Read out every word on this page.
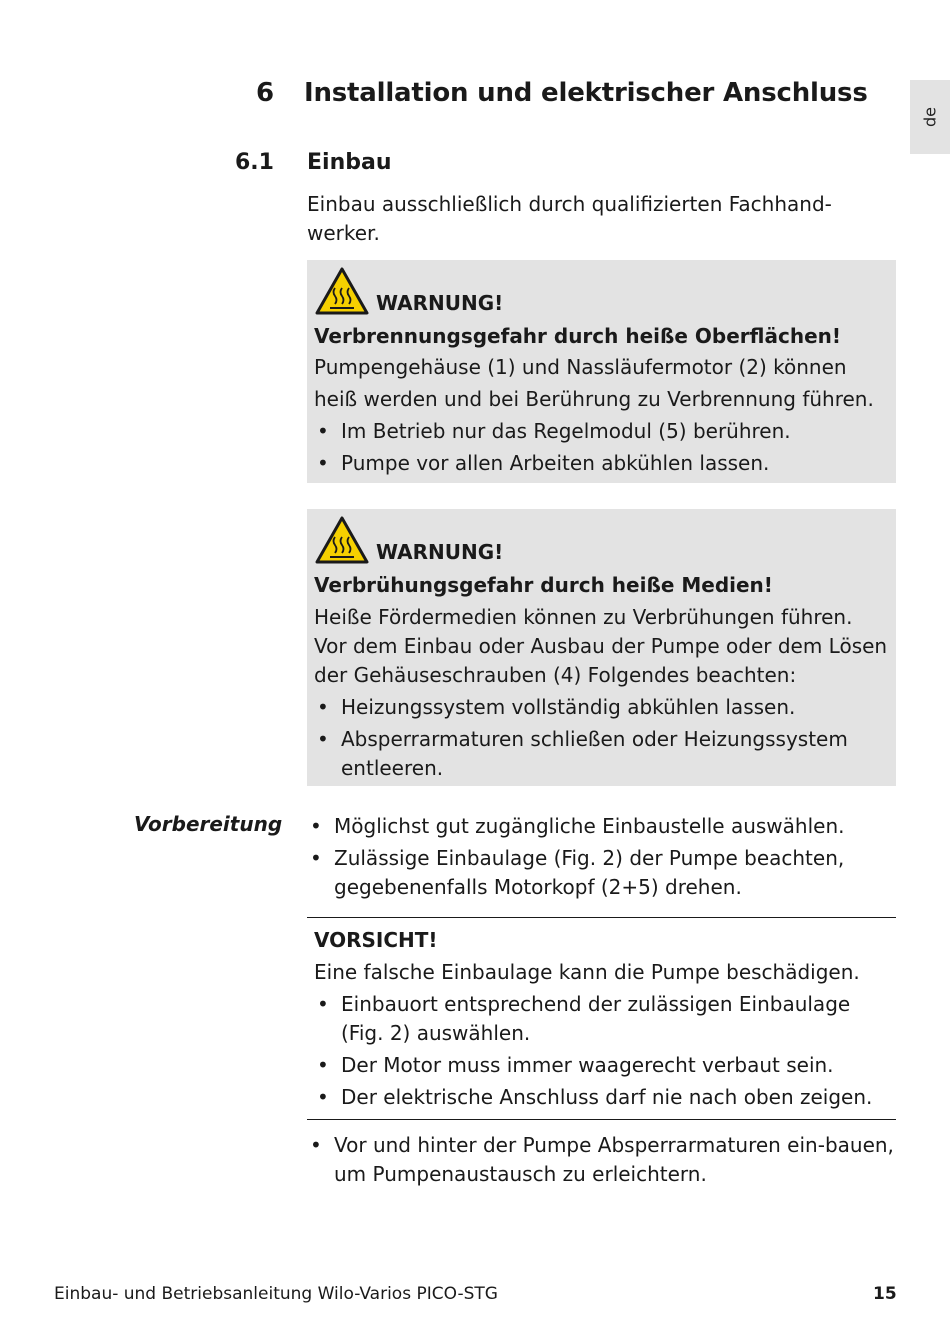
de
6 Installation und elektrischer Anschluss
6.1 Einbau
Einbau ausschließlich durch qualifizierten Fachhand-werker.
WARNUNG!
Verbrennungsgefahr durch heiße Oberflächen!
Pumpengehäuse (1) und Nassläufermotor (2) können heiß werden und bei Berührung zu Verbrennung führen.
• Im Betrieb nur das Regelmodul (5) berühren.
• Pumpe vor allen Arbeiten abkühlen lassen.
WARNUNG!
Verbrühungsgefahr durch heiße Medien!
Heiße Fördermedien können zu Verbrühungen führen. Vor dem Einbau oder Ausbau der Pumpe oder dem Lösen der Gehäuseschrauben (4) Folgendes beachten:
• Heizungssystem vollständig abkühlen lassen.
• Absperrarmaturen schließen oder Heizungssystem entleeren.
Vorbereitung
•	Möglichst gut zugängliche Einbaustelle auswählen.
• Zulässige Einbaulage (Fig. 2) der Pumpe beachten, gegebenenfalls Motorkopf (2+5) drehen.
VORSICHT!
Eine falsche Einbaulage kann die Pumpe beschädigen.
• Einbauort entsprechend der zulässigen Einbaulage (Fig. 2) auswählen.
• Der Motor muss immer waagerecht verbaut sein.
• Der elektrische Anschluss darf nie nach oben zeigen.
• Vor und hinter der Pumpe Absperrarmaturen ein-bauen, um Pumpenaustausch zu erleichtern.
Einbau- und Betriebsanleitung Wilo-Varios PICO-STG	15
